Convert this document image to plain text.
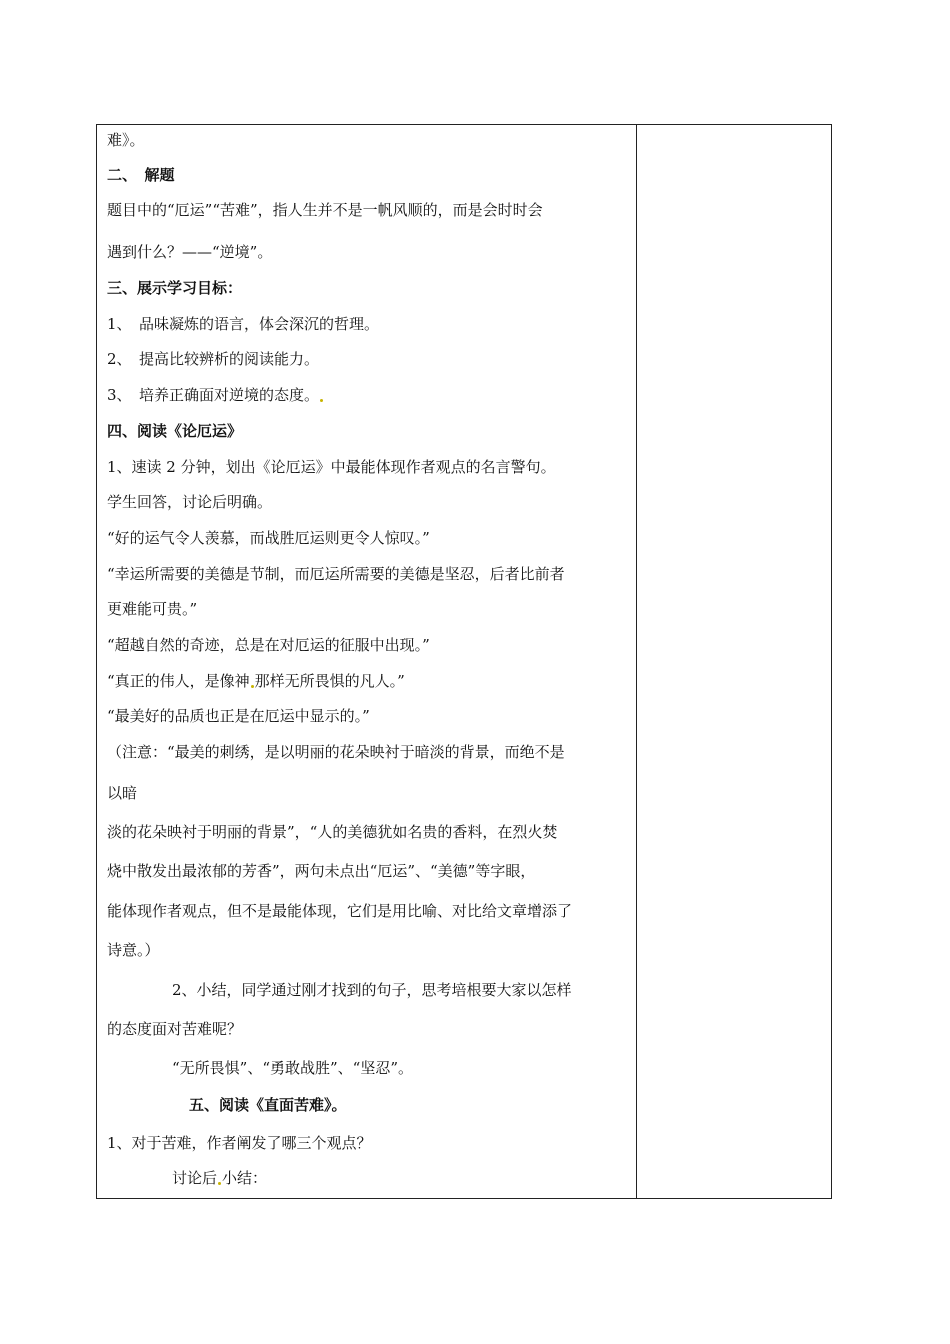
难》。
二、　解题
题目中的“厄运”“苦难”，指人生并不是一帆风顺的，而是会时时会
遇到什么？——“逆境”。
三、展示学习目标：
1、　品味凝炼的语言，体会深沉的哲理。
2、　提高比较辨析的阅读能力。
3、　培养正确面对逆境的态度。
四、阅读《论厄运》
1、速读 2 分钟，划出《论厄运》中最能体现作者观点的名言警句。
学生回答，讨论后明确。
“好的运气令人羡慕，而战胜厄运则更令人惊叹。”
“幸运所需要的美德是节制，而厄运所需要的美德是坚忍，后者比前者
更难能可贵。”
“超越自然的奇迹，总是在对厄运的征服中出现。”
“真正的伟人，是像神 那样无所畏惧的凡人。”
“最美好的品质也正是在厄运中显示的。”
（注意：“最美的刺绣，是以明丽的花朵映衬于暗淡的背景，而绝不是
以暗
淡的花朵映衬于明丽的背景”，“人的美德犹如名贵的香料，在烈火焚
烧中散发出最浓郁的芳香”，两句未点出“厄运”、“美德”等字眼，
能体现作者观点，但不是最能体现，它们是用比喻、对比给文章增添了
诗意。）
2、小结，同学通过刚才找到的句子，思考培根要大家以怎样
的态度面对苦难呢？
“无所畏惧”、“勇敢战胜”、“坚忍”。
五、阅读《直面苦难》。
1、对于苦难，作者阐发了哪三个观点？
讨论后 小结：
